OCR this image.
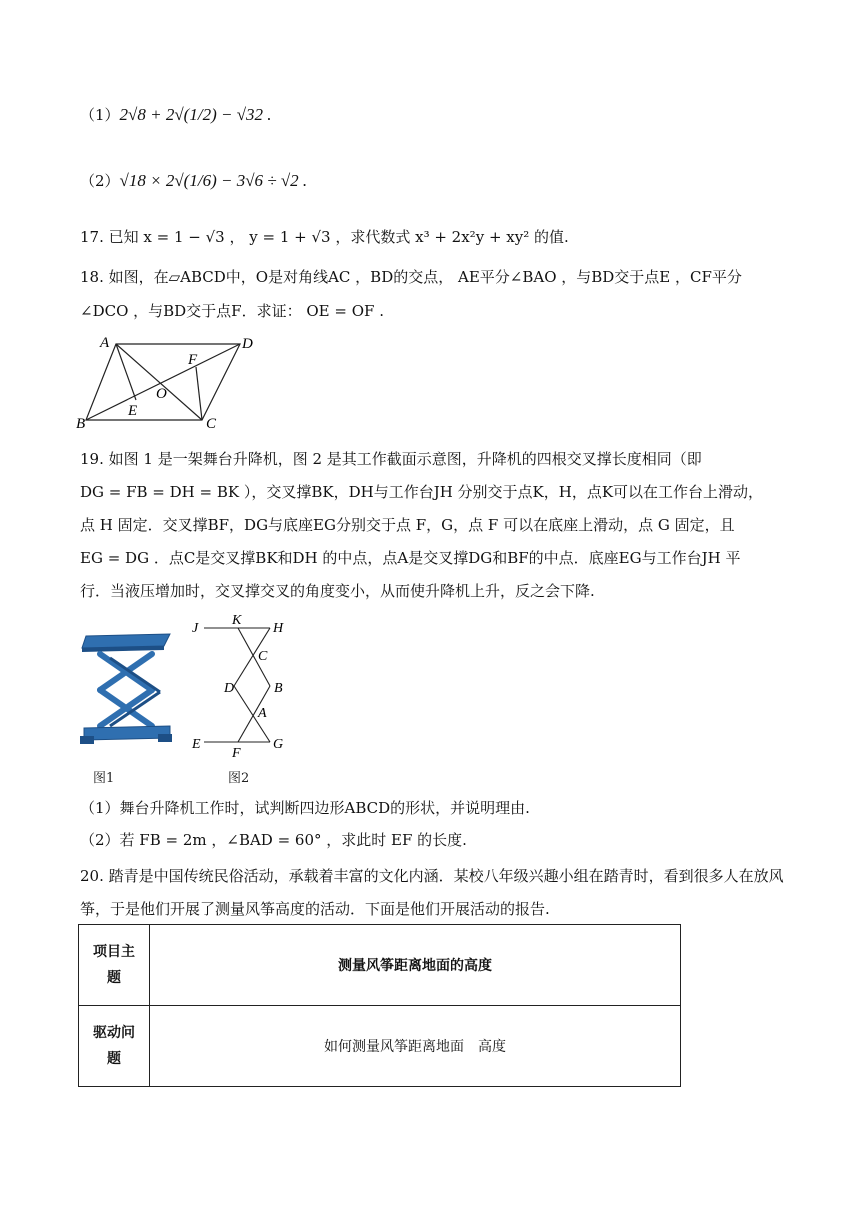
（1）2√8 + 2√(1/2) − √32 .
（2）√18 × 2√(1/6) − 3√6 ÷ √2 .
17. 已知 x = 1 − √3 ， y = 1 + √3 ，求代数式 x³ + 2x²y + xy² 的值.
18. 如图，在▱ABCD中，O是对角线AC ，BD的交点， AE平分∠BAO ，与BD交于点E ，CF平分
∠DCO ，与BD交于点F．求证： OE = OF .
A	D
F
O
E
B	C
19. 如图 1 是一架舞台升降机，图 2 是其工作截面示意图，升降机的四根交叉撑长度相同（即
DG = FB = DH = BK ），交叉撑BK，DH与工作台JH 分别交于点K，H，点K可以在工作台上滑动，
点 H 固定．交叉撑BF，DG与底座EG分别交于点 F，G，点 F 可以在底座上滑动，点 G 固定，且
EG = DG ．点C是交叉撑BK和DH 的中点，点A是交叉撑DG和BF的中点．底座EG与工作台JH 平
行．当液压增加时，交叉撑交叉的角度变小，从而使升降机上升，反之会下降.
图1
J
K
H
C
D	B
A
E
F
G
图2
（1）舞台升降机工作时，试判断四边形ABCD的形状，并说明理由.
（2）若 FB = 2m ，∠BAD = 60° ，求此时 EF 的长度.
20. 踏青是中国传统民俗活动，承载着丰富的文化内涵．某校八年级兴趣小组在踏青时，看到很多人在放风
筝，于是他们开展了测量风筝高度的活动．下面是他们开展活动的报告.
项目主
题	测量风筝距离地面的高度
驱动问
题	如何测量风筝距离地面　高度
